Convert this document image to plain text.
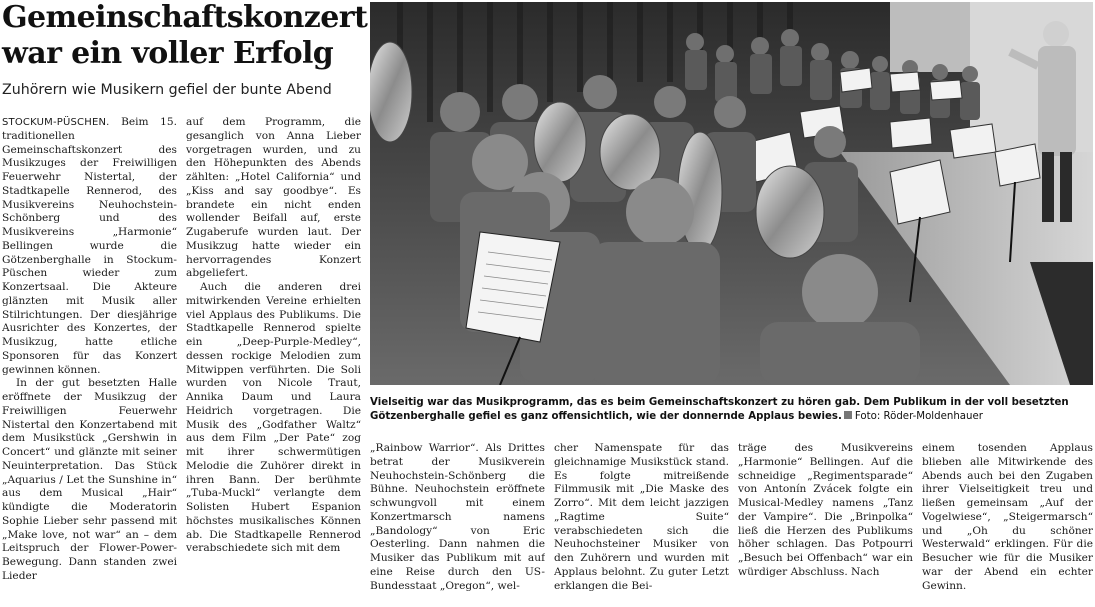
Gemeinschaftskonzert war ein voller Erfolg

Zuhörern wie Musikern gefiel der bunte Abend

STOCKUM-PÜSCHEN. Beim 15. traditionellen Gemeinschaftskonzert des Musikzuges der Freiwilligen Feuerwehr Nistertal, der Stadtkapelle Rennerod, des Musikvereins Neuhochstein-Schönberg und des Musikvereins „Harmonie“ Bellingen wurde die Götzenberghalle in Stockum-Püschen wieder zum Konzertsaal. Die Akteure glänzten mit Musik aller Stilrichtungen. Der diesjährige Ausrichter des Konzertes, der Musikzug, hatte etliche Sponsoren für das Konzert gewinnen können.

In der gut besetzten Halle eröffnete der Musikzug der Freiwilligen Feuerwehr Nistertal den Konzertabend mit dem Musikstück „Gershwin in Concert“ und glänzte mit seiner Neuinterpretation. Das Stück „Aquarius / Let the Sunshine in“ aus dem Musical „Hair“ kündigte die Moderatorin Sophie Lieber sehr passend mit „Make love, not war“ an – dem Leitspruch der Flower-Power-Bewegung. Dann standen zwei Lieder

auf dem Programm, die gesanglich von Anna Lieber vorgetragen wurden, und zu den Höhepunkten des Abends zählten: „Hotel California“ und „Kiss and say goodbye“. Es brandete ein nicht enden wollender Beifall auf, erste Zugaberufe wurden laut. Der Musikzug hatte wieder ein hervorragendes Konzert abgeliefert.

Auch die anderen drei mitwirkenden Vereine erhielten viel Applaus des Publikums. Die Stadtkapelle Rennerod spielte ein „Deep-Purple-Medley“, dessen rockige Melodien zum Mitwippen verführten. Die Soli wurden von Nicole Traut, Annika Daum und Laura Heidrich vorgetragen. Die Musik des „Godfather Waltz“ aus dem Film „Der Pate“ zog mit ihrer schwermütigen Melodie die Zuhörer direkt in ihren Bann. Der berühmte „Tuba-Muckl“ verlangte dem Solisten Hubert Espanion höchstes musikalisches Können ab. Die Stadtkapelle Rennerod verabschiedete sich mit dem

Vielseitig war das Musikprogramm, das es beim Gemeinschaftskonzert zu hören gab. Dem Publikum in der voll besetzten Götzenberghalle gefiel es ganz offensichtlich, wie der donnernde Applaus bewies. Foto: Röder-Moldenhauer

„Rainbow Warrior“. Als Drittes betrat der Musikverein Neuhochstein-Schönberg die Bühne. Neuhochstein eröffnete schwungvoll mit einem Konzertmarsch namens „Bandology“ von Eric Oesterling. Dann nahmen die Musiker das Publikum mit auf eine Reise durch den US-Bundesstaat „Oregon“, wel-

cher Namenspate für das gleichnamige Musikstück stand. Es folgte mitreißende Filmmusik mit „Die Maske des Zorro“. Mit dem leicht jazzigen „Ragtime Suite“ verabschiedeten sich die Neuhochsteiner Musiker von den Zuhörern und wurden mit Applaus belohnt. Zu guter Letzt erklangen die Bei-

träge des Musikvereins „Harmonie“ Bellingen. Auf die schneidige „Regimentsparade“ von Antonín Zvácek folgte ein Musical-Medley namens „Tanz der Vampire“. Die „Brinpolka“ ließ die Herzen des Publikums höher schlagen. Das Potpourri „Besuch bei Offenbach“ war ein würdiger Abschluss. Nach

einem tosenden Applaus blieben alle Mitwirkende des Abends auch bei den Zugaben ihrer Vielseitigkeit treu und ließen gemeinsam „Auf der Vogelwiese“, „Steigermarsch“ und „Oh du schöner Westerwald“ erklingen. Für die Besucher wie für die Musiker war der Abend ein echter Gewinn.
